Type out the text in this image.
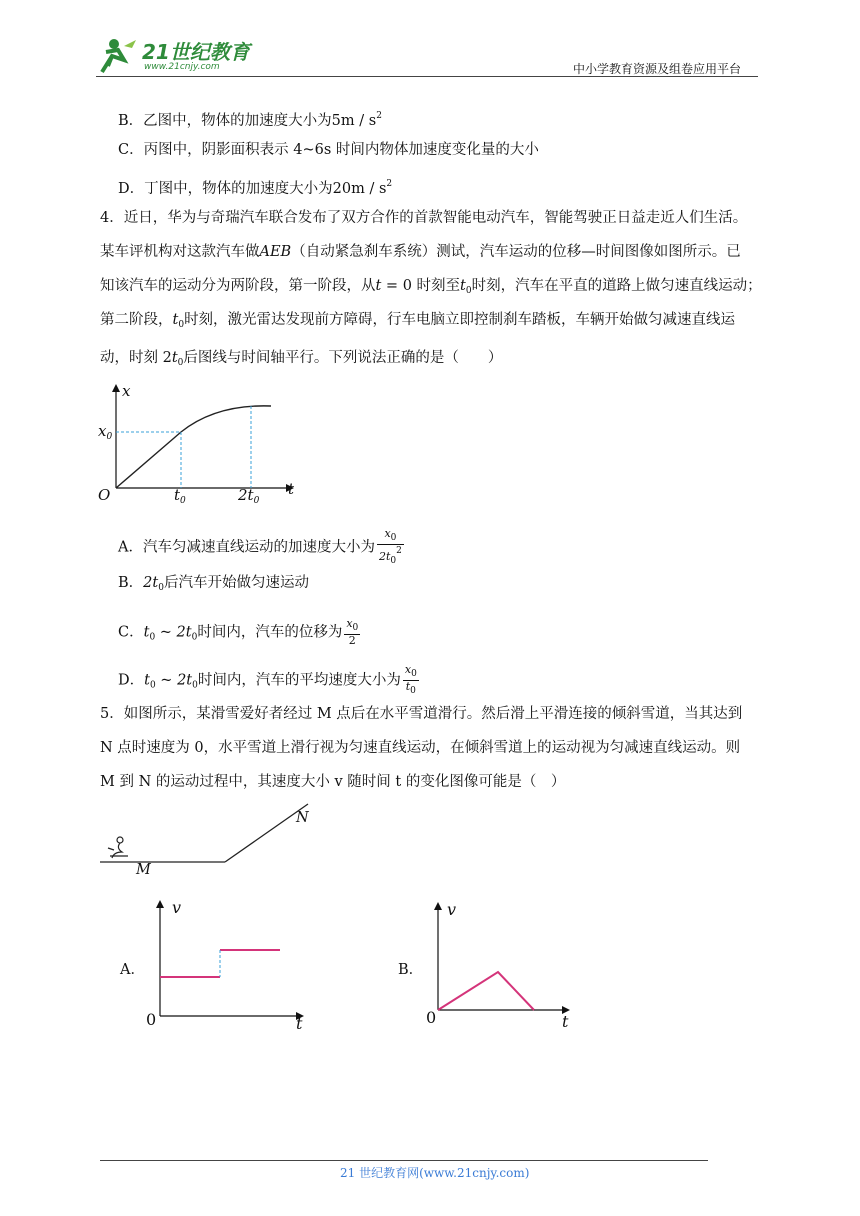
21世纪教育
www.21cnjy.com	中小学教育资源及组卷应用平台
B．乙图中，物体的加速度大小为$5m / s^2$
C．丙图中，阴影面积表示 4~6s 时间内物体加速度变化量的大小
D．丁图中，物体的加速度大小为$20m / s^2$
4．近日，华为与奇瑞汽车联合发布了双方合作的首款智能电动汽车，智能驾驶正日益走近人们生活。
某车评机构对这款汽车做AEB（自动紧急刹车系统）测试，汽车运动的位移—时间图像如图所示。已
知该汽车的运动分为两阶段，第一阶段，从t = 0 时刻至$t_0$时刻，汽车在平直的道路上做匀速直线运动；
第二阶段，$t_0$时刻，激光雷达发现前方障碍，行车电脑立即控制刹车踏板，车辆开始做匀减速直线运
动，时刻 $2t_0$后图线与时间轴平行。下列说法正确的是（　　）
x
t
O
$x_0$
$t_0$	$2t_0$
A．汽车匀减速直线运动的加速度大小为 $\frac{x_0}{2t_0^2}$
B．$2t_0$后汽车开始做匀速运动
C．$t_0$ ~ $2t_0$时间内，汽车的位移为 $\frac{x_0}{2}$
D．$t_0$ ~ $2t_0$时间内，汽车的平均速度大小为 $\frac{x_0}{t_0}$
5．如图所示，某滑雪爱好者经过 M 点后在水平雪道滑行。然后滑上平滑连接的倾斜雪道，当其达到
N 点时速度为 0，水平雪道上滑行视为匀速直线运动，在倾斜雪道上的运动视为匀减速直线运动。则
M 到 N 的运动过程中，其速度大小 v 随时间 t 的变化图像可能是（　）
M
N
A．
v
t
0
B．
v
t
0
21 世纪教育网(www.21cnjy.com)
